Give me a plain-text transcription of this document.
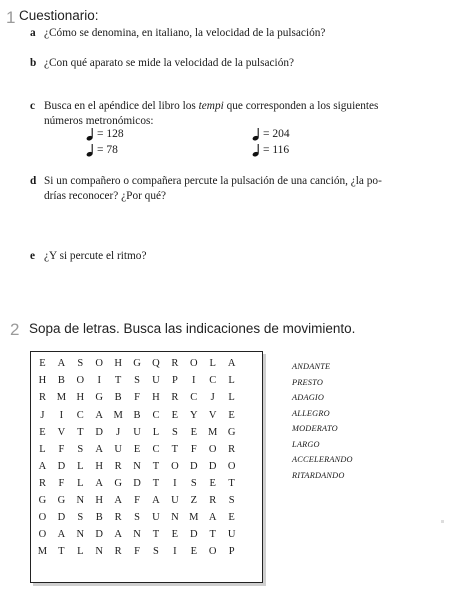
1 Cuestionario:
a ¿Cómo se denomina, en italiano, la velocidad de la pulsación?
b ¿Con qué aparato se mide la velocidad de la pulsación?
c Busca en el apéndice del libro los tempi que corresponden a los siguientes
números metronómicos:
= 128
= 78
= 204
= 116
d Si un compañero o compañera percute la pulsación de una canción, ¿la po-
drías reconocer? ¿Por qué?
e ¿Y si percute el ritmo?
2 Sopa de letras. Busca las indicaciones de movimiento.
E A S O H G Q R O L A
H B O I T S U P I C L
R M H G B F H R C J L
J I C A M B C E Y V E
E V T D J U L S E M G
L F S A U E C T F O R
A D L H R N T O D D O
R F L A G D T I S E T
G G N H A F A U Z R S
O D S B R S U N M A E
O A N D A N T E D T U
M T L N R F S I E O P
ANDANTE
PRESTO
ADAGIO
ALLEGRO
MODERATO
LARGO
ACCELERANDO
RITARDANDO
